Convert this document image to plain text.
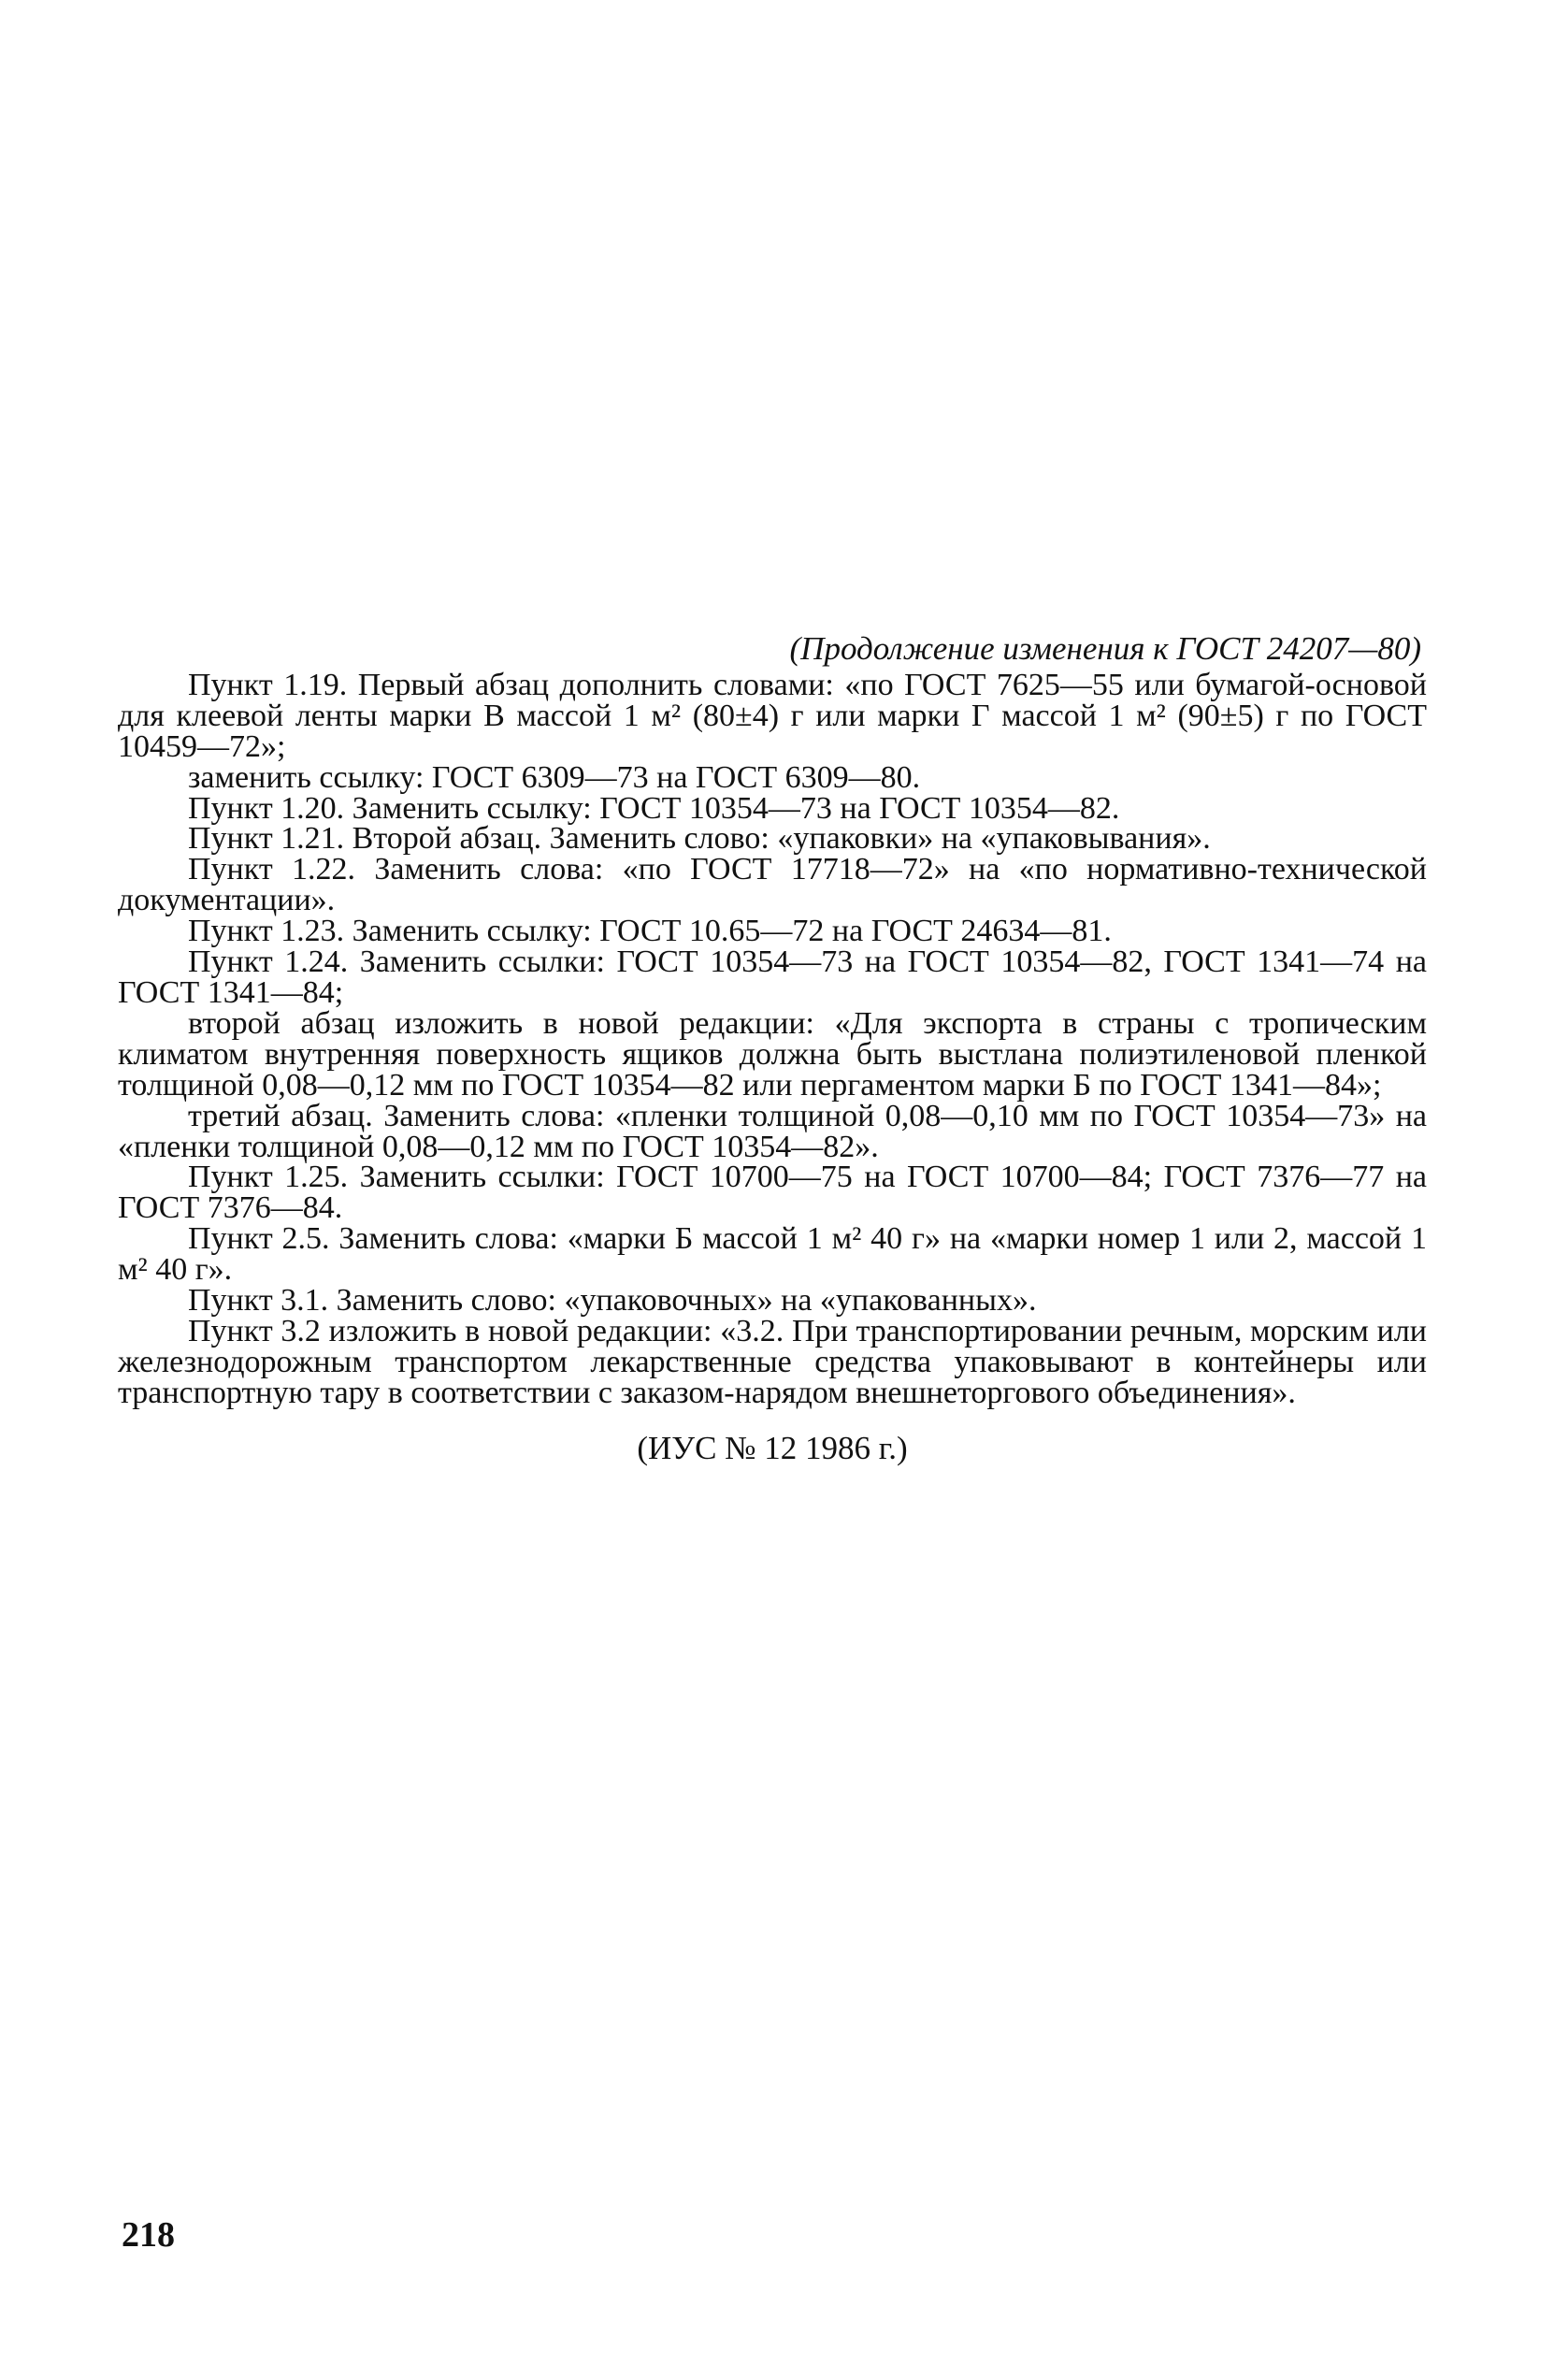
(Продолжение изменения к ГОСТ 24207—80)

Пункт 1.19. Первый абзац дополнить словами: «по ГОСТ 7625—55 или бумагой-основой для клеевой ленты марки В массой 1 м² (80±4) г или марки Г массой 1 м² (90±5) г по ГОСТ 10459—72»;

заменить ссылку: ГОСТ 6309—73 на ГОСТ 6309—80.

Пункт 1.20. Заменить ссылку: ГОСТ 10354—73 на ГОСТ 10354—82.

Пункт 1.21. Второй абзац. Заменить слово: «упаковки» на «упаковывания».

Пункт 1.22. Заменить слова: «по ГОСТ 17718—72» на «по нормативно-технической документации».

Пункт 1.23. Заменить ссылку: ГОСТ 10.65—72 на ГОСТ 24634—81.

Пункт 1.24. Заменить ссылки: ГОСТ 10354—73 на ГОСТ 10354—82, ГОСТ 1341—74 на ГОСТ 1341—84;

второй абзац изложить в новой редакции: «Для экспорта в страны с тропическим климатом внутренняя поверхность ящиков должна быть выстлана полиэтиленовой пленкой толщиной 0,08—0,12 мм по ГОСТ 10354—82 или пергаментом марки Б по ГОСТ 1341—84»;

третий абзац. Заменить слова: «пленки толщиной 0,08—0,10 мм по ГОСТ 10354—73» на «пленки толщиной 0,08—0,12 мм по ГОСТ 10354—82».

Пункт 1.25. Заменить ссылки: ГОСТ 10700—75 на ГОСТ 10700—84; ГОСТ 7376—77 на ГОСТ 7376—84.

Пункт 2.5. Заменить слова: «марки Б массой 1 м² 40 г» на «марки номер 1 или 2, массой 1 м² 40 г».

Пункт 3.1. Заменить слово: «упаковочных» на «упакованных».

Пункт 3.2 изложить в новой редакции: «3.2. При транспортировании речным, морским или железнодорожным транспортом лекарственные средства упаковывают в контейнеры или транспортную тару в соответствии с заказом-нарядом внешнеторгового объединения».

(ИУС № 12 1986 г.)
218
